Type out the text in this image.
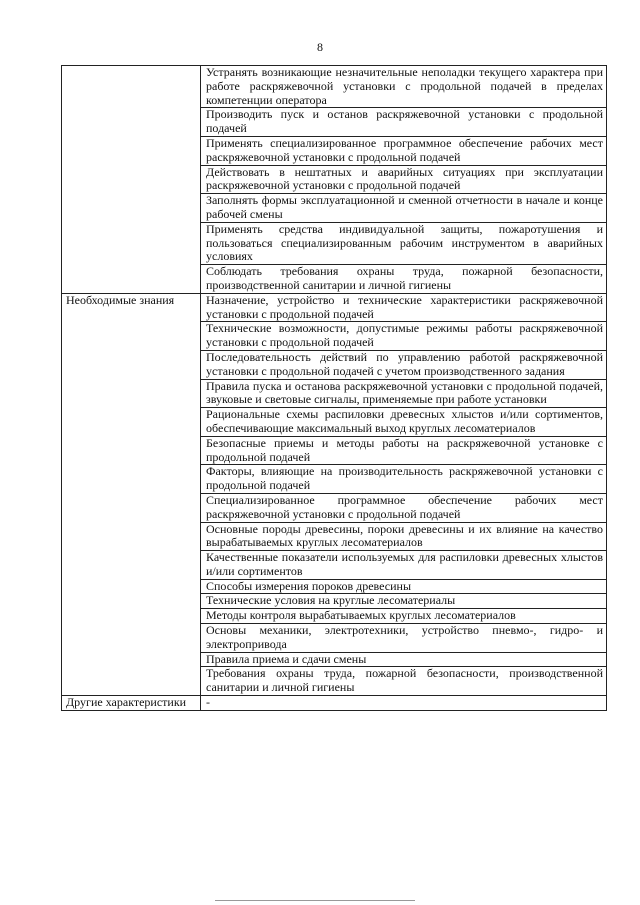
8
	Устранять возникающие незначительные неполадки текущего характера при работе раскряжевочной установки с продольной подачей в пределах компетенции оператора
	Производить пуск и останов раскряжевочной установки с продольной подачей
	Применять специализированное программное обеспечение рабочих мест раскряжевочной установки с продольной подачей
	Действовать в нештатных и аварийных ситуациях при эксплуатации раскряжевочной установки с продольной подачей
	Заполнять формы эксплуатационной и сменной отчетности в начале и конце рабочей смены
	Применять средства индивидуальной защиты, пожаротушения и пользоваться специализированным рабочим инструментом в аварийных условиях
	Соблюдать требования охраны труда, пожарной безопасности, производственной санитарии и личной гигиены
Необходимые знания	Назначение, устройство и технические характеристики раскряжевочной установки с продольной подачей
	Технические возможности, допустимые режимы работы раскряжевочной установки с продольной подачей
	Последовательность действий по управлению работой раскряжевочной установки с продольной подачей с учетом производственного задания
	Правила пуска и останова раскряжевочной установки с продольной подачей, звуковые и световые сигналы, применяемые при работе установки
	Рациональные схемы распиловки древесных хлыстов и/или сортиментов, обеспечивающие максимальный выход круглых лесоматериалов
	Безопасные приемы и методы работы на раскряжевочной установке с продольной подачей
	Факторы, влияющие на производительность раскряжевочной установки с продольной подачей
	Специализированное программное обеспечение рабочих мест раскряжевочной установки с продольной подачей
	Основные породы древесины, пороки древесины и их влияние на качество вырабатываемых круглых лесоматериалов
	Качественные показатели используемых для распиловки древесных хлыстов и/или сортиментов
	Способы измерения пороков древесины
	Технические условия на круглые лесоматериалы
	Методы контроля вырабатываемых круглых лесоматериалов
	Основы механики, электротехники, устройство пневмо-, гидро- и электропривода
	Правила приема и сдачи смены
	Требования охраны труда, пожарной безопасности, производственной санитарии и личной гигиены
Другие характеристики	-
